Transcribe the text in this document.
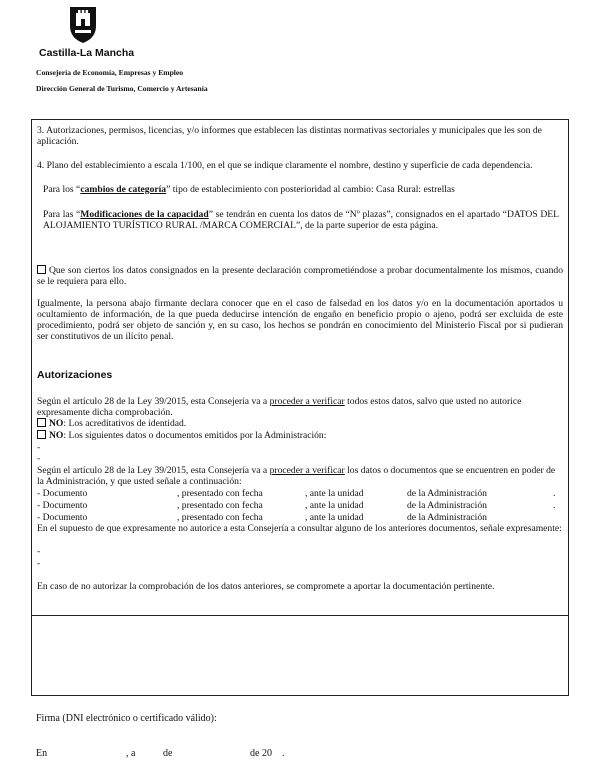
Castilla-La Mancha
Consejería de Economía, Empresas y Empleo
Dirección General de Turismo, Comercio y Artesanía
3. Autorizaciones, permisos, licencias, y/o informes que establecen las distintas normativas sectoriales y municipales que les son de aplicación.
4. Plano del establecimiento a escala 1/100, en el que se indique claramente el nombre, destino y superficie de cada dependencia.
Para los “cambios de categoría” tipo de establecimiento con posterioridad al cambio: Casa Rural: estrellas
Para las “Modificaciones de la capacidad” se tendrán en cuenta los datos de “Nº plazas”, consignados en el apartado “DATOS DEL ALOJAMIENTO TURÍSTICO RURAL /MARCA COMERCIAL”, de la parte superior de esta página.
Que son ciertos los datos consignados en la presente declaración comprometiéndose a probar documentalmente los mismos, cuando se le requiera para ello.
Igualmente, la persona abajo firmante declara conocer que en el caso de falsedad en los datos y/o en la documentación aportados u ocultamiento de información, de la que pueda deducirse intención de engaño en beneficio propio o ajeno, podrá ser excluida de este procedimiento, podrá ser objeto de sanción y, en su caso, los hechos se pondrán en conocimiento del Ministerio Fiscal por si pudieran ser constitutivos de un ilícito penal.
Autorizaciones
Según el artículo 28 de la Ley 39/2015, esta Consejería va a proceder a verificar todos estos datos, salvo que usted no autorice expresamente dicha comprobación.
NO: Los acreditativos de identidad.
NO: Los siguientes datos o documentos emitidos por la Administración:
-
-
Según el artículo 28 de la Ley 39/2015, esta Consejería va a proceder a verificar los datos o documentos que se encuentren en poder de la Administración, y que usted señale a continuación:
- Documento	, presentado con fecha	, ante la unidad	de la Administración	.
- Documento	, presentado con fecha	, ante la unidad	de la Administración	.
- Documento	, presentado con fecha	, ante la unidad	de la Administración
En el supuesto de que expresamente no autorice a esta Consejería a consultar alguno de los anteriores documentos, señale expresamente:
-
-
En caso de no autorizar la comprobación de los datos anteriores, se compromete a aportar la documentación pertinente.
Firma (DNI electrónico o certificado válido):
En	, a	de	de 20 .
